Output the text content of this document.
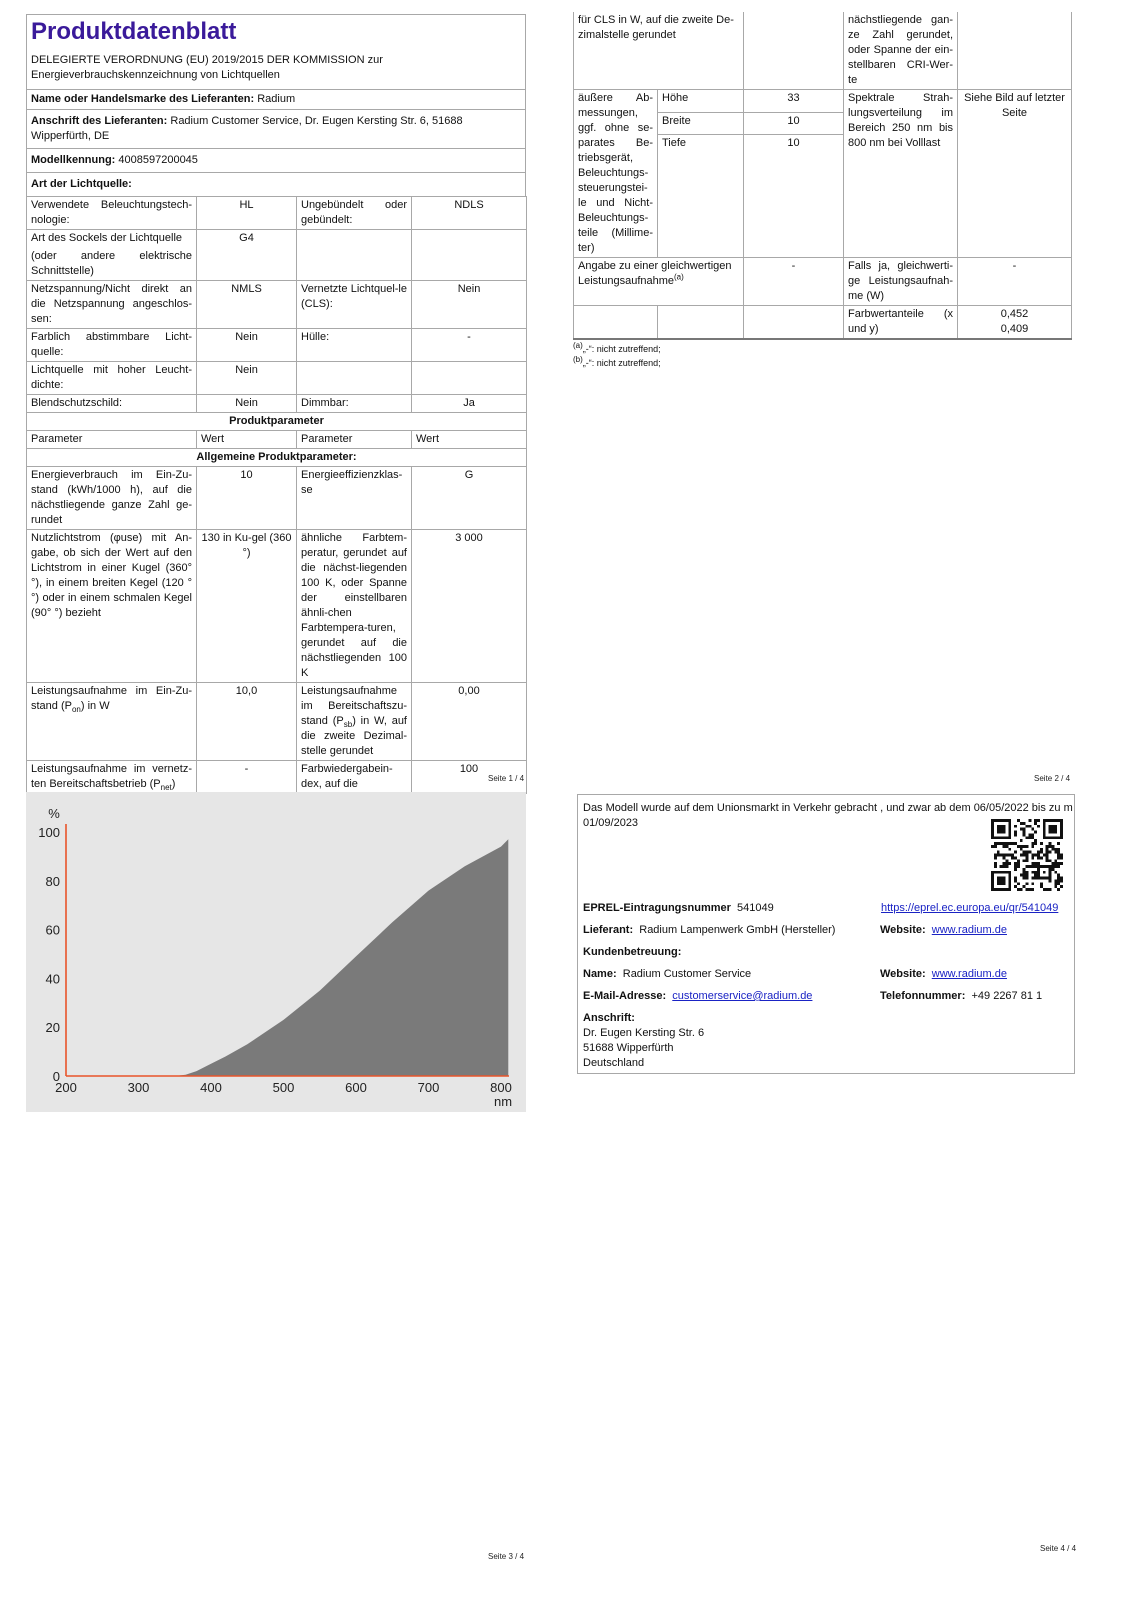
Produktdatenblatt
DELEGIERTE VERORDNUNG (EU) 2019/2015 DER KOMMISSION zur Energieverbrauchskennzeichnung von Lichtquellen
Name oder Handelsmarke des Lieferanten: Radium
Anschrift des Lieferanten: Radium Customer Service, Dr. Eugen Kersting Str. 6, 51688 Wipperfürth, DE
Modellkennung: 4008597200045
Art der Lichtquelle:
Verwendete Beleuchtungstech-nologie:	HL	Ungebündelt oder gebündelt:	NDLS

Art des Sockels der Lichtquelle
(oder andere elektrische Schnittstelle)	G4		
Netzspannung/Nicht direkt an die Netzspannung angeschlos-sen:	NMLS	Vernetzte Lichtquel-le (CLS):	Nein
Farblich abstimmbare Licht-quelle:	Nein	Hülle:	-
Lichtquelle mit hoher Leucht-dichte:	Nein		
Blendschutzschild:	Nein	Dimmbar:	Ja
Produktparameter			
Parameter	Wert	Parameter	Wert
Allgemeine Produktparameter:			
Energieverbrauch im Ein-Zu-stand (kWh/1000 h), auf die nächstliegende ganze Zahl ge-rundet	10	Energieeffizienzklas-se	G
Nutzlichtstrom (φuse) mit An-gabe, ob sich der Wert auf den Lichtstrom in einer Kugel (360° °), in einem breiten Kegel (120 °°) oder in einem schmalen Kegel (90° °) bezieht	130 in Ku-gel (360 °)	ähnliche Farbtem-peratur, gerundet auf die nächst-liegenden 100 K, oder Spanne der einstellbaren ähnli-chen Farbtempera-turen, gerundet auf die nächstliegenden 100 K	3 000
Leistungsaufnahme im Ein-Zu-stand $(P_{on})$ in W	10,0	Leistungsaufnahme im Bereitschaftszu-stand $(P_{sb})$ in W, auf die zweite Dezimal-stelle gerundet	0,00
Leistungsaufnahme im vernetz-ten Bereitschaftsbetrieb $(P_{net})$	-	Farbwiedergabein-dex, auf die	100
Seite 1 / 4
für CLS in W, auf die zweite De-zimalstelle gerundet			nächstliegende gan-ze Zahl gerundet, oder Spanne der ein-stellbaren CRI-Wer-te	
äußere Ab-messungen, ggf. ohne se-parates Be-triebsgerät, Beleuchtungs-steuerungstei-le und Nicht-Beleuchtungs-teile (Millime-ter)	Höhe	33	Spektrale Strah-lungsverteilung im Bereich 250 nm bis 800 nm bei Volllast	Siehe Bild auf letzter Seite
	Breite	10		
	Tiefe	10		
Angabe zu einer gleichwertigen Leistungsaufnahme$^{(a)}$		-	Falls ja, gleichwerti-ge Leistungsaufnah-me (W)	-
			Farbwertanteile (x und y)	0,452
0,409
$^{(a)}$„-“: nicht zutreffend;
$^{(b)}$„-“: nicht zutreffend;
Seite 2 / 4
200	300	400	500	600	700	800
0
20
40
60
80
100
%
nm
Seite 3 / 4
Das Modell wurde auf dem Unionsmarkt in Verkehr gebracht , und zwar ab dem 06/05/2022 bis zu m 01/09/2023
EPREL-Eintragungsnummer 541049	https://eprel.ec.europa.eu/qr/541049
Lieferant: Radium Lampenwerk GmbH (Hersteller)	Website: www.radium.de
Kundenbetreuung:
Name: Radium Customer Service	Website: www.radium.de
E-Mail-Adresse: customerservice@radium.de	Telefonnummer: +49 2267 81 1
Anschrift:
Dr. Eugen Kersting Str. 6
51688 Wipperfürth
Deutschland
Seite 4 / 4
